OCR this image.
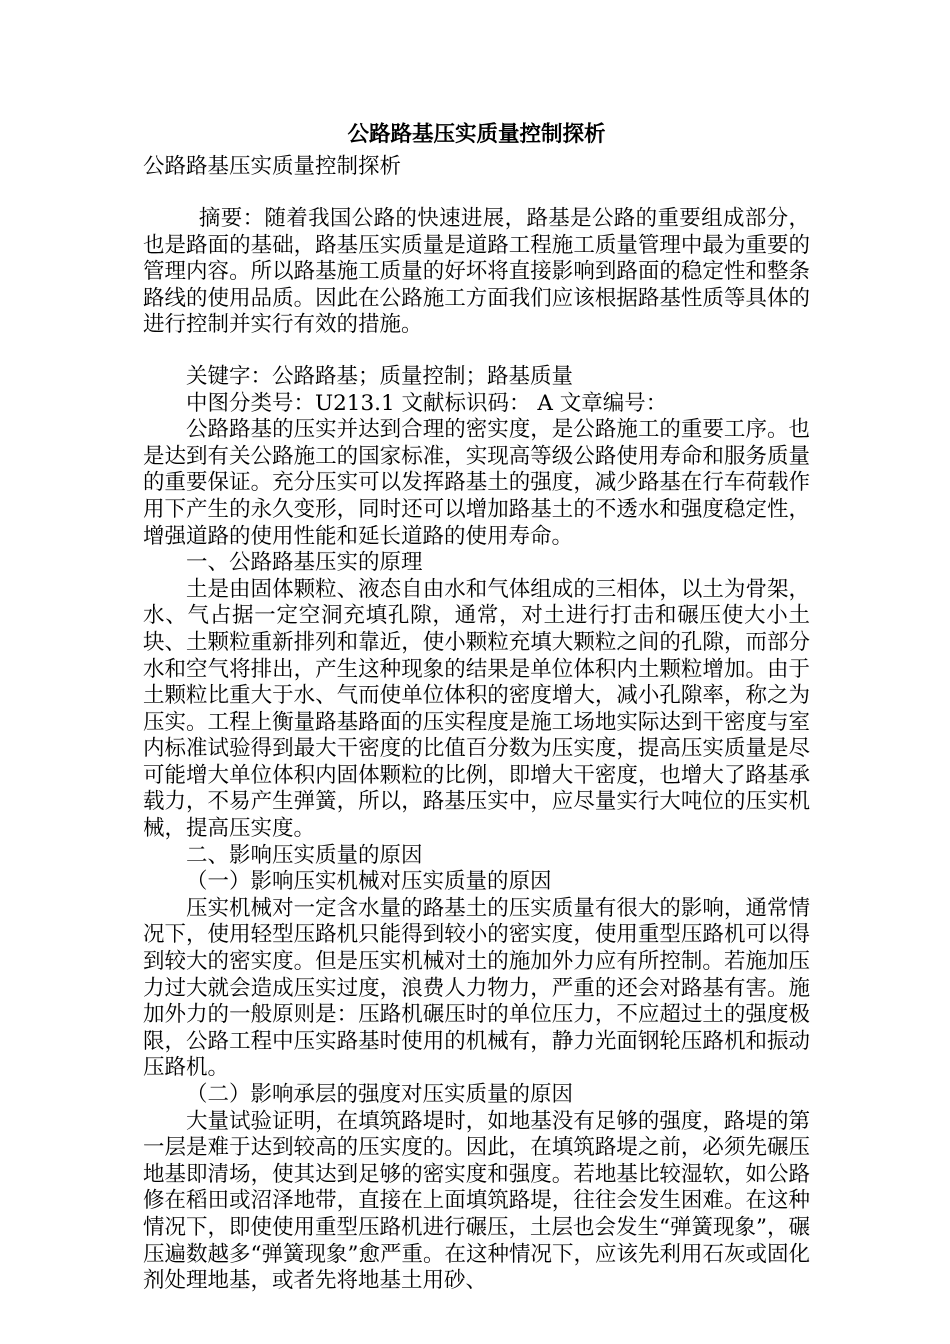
公路路基压实质量控制探析

公路路基压实质量控制探析

摘要：随着我国公路的快速进展，路基是公路的重要组成部分，也是路面的基础，路基压实质量是道路工程施工质量管理中最为重要的管理内容。所以路基施工质量的好坏将直接影响到路面的稳定性和整条路线的使用品质。因此在公路施工方面我们应该根据路基性质等具体的进行控制并实行有效的措施。

关键字：公路路基；质量控制；路基质量

中图分类号：U213.1 文献标识码： A 文章编号：

公路路基的压实并达到合理的密实度，是公路施工的重要工序。也是达到有关公路施工的国家标准，实现高等级公路使用寿命和服务质量的重要保证。充分压实可以发挥路基土的强度，减少路基在行车荷载作用下产生的永久变形，同时还可以增加路基土的不透水和强度稳定性，增强道路的使用性能和延长道路的使用寿命。

一、公路路基压实的原理

土是由固体颗粒、液态自由水和气体组成的三相体，以土为骨架，水、气占据一定空洞充填孔隙，通常，对土进行打击和碾压使大小土块、土颗粒重新排列和靠近，使小颗粒充填大颗粒之间的孔隙，而部分水和空气将排出，产生这种现象的结果是单位体积内土颗粒增加。由于土颗粒比重大于水、气而使单位体积的密度增大，减小孔隙率，称之为压实。工程上衡量路基路面的压实程度是施工场地实际达到干密度与室内标准试验得到最大干密度的比值百分数为压实度，提高压实质量是尽可能增大单位体积内固体颗粒的比例，即增大干密度，也增大了路基承载力，不易产生弹簧，所以，路基压实中，应尽量实行大吨位的压实机械，提高压实度。

二、影响压实质量的原因

（一）影响压实机械对压实质量的原因

压实机械对一定含水量的路基土的压实质量有很大的影响，通常情况下，使用轻型压路机只能得到较小的密实度，使用重型压路机可以得到较大的密实度。但是压实机械对土的施加外力应有所控制。若施加压力过大就会造成压实过度，浪费人力物力，严重的还会对路基有害。施加外力的一般原则是：压路机碾压时的单位压力，不应超过土的强度极限，公路工程中压实路基时使用的机械有，静力光面钢轮压路机和振动压路机。

（二）影响承层的强度对压实质量的原因

大量试验证明，在填筑路堤时，如地基没有足够的强度，路堤的第一层是难于达到较高的压实度的。因此，在填筑路堤之前，必须先碾压地基即清场，使其达到足够的密实度和强度。若地基比较湿软，如公路修在稻田或沼泽地带，直接在上面填筑路堤，往往会发生困难。在这种情况下，即使使用重型压路机进行碾压，土层也会发生“弹簧现象”，碾压遍数越多“弹簧现象”愈严重。在这种情况下，应该先利用石灰或固化剂处理地基，或者先将地基土用砂、
